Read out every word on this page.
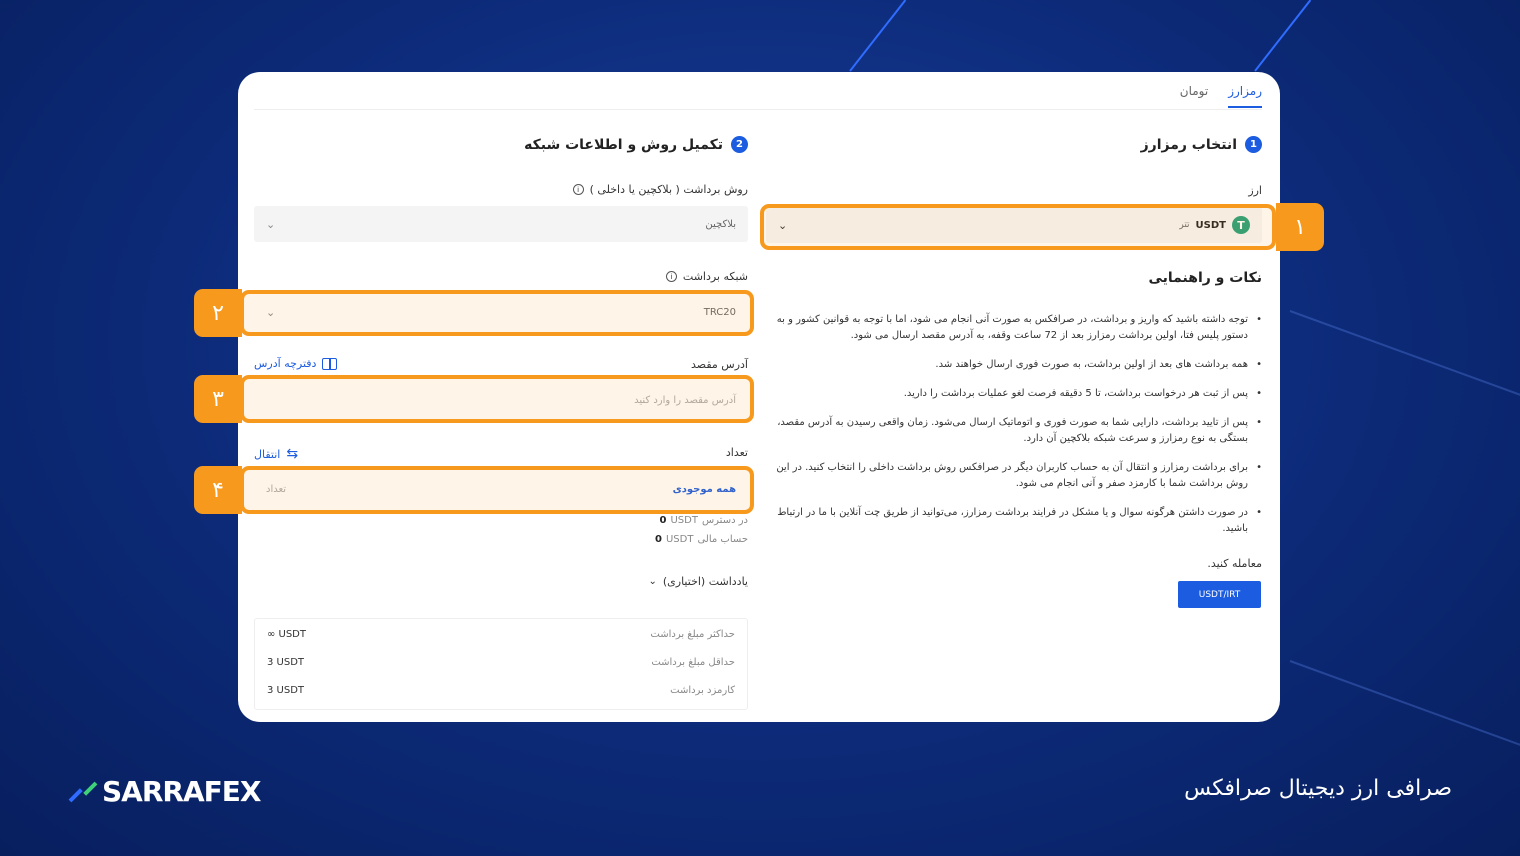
رمزارز
تومان
1
انتخاب رمزارز
ارز
T
USDT
تتر
⌄
نکات و راهنمایی
• توجه داشته باشید که واریز و برداشت، در صرافکس به صورت آنی انجام می شود، اما با توجه به قوانین کشور و به دستور پلیس فتا، اولین برداشت رمزارز بعد از 72 ساعت وقفه، به آدرس مقصد ارسال می شود.
• همه برداشت های بعد از اولین برداشت، به صورت فوری ارسال خواهند شد.
• پس از ثبت هر درخواست برداشت، تا 5 دقیقه فرصت لغو عملیات برداشت را دارید.
• پس از تایید برداشت، دارایی شما به صورت فوری و اتوماتیک ارسال می‌شود. زمان واقعی رسیدن به آدرس مقصد، بستگی به نوع رمزارز و سرعت شبکه بلاکچین آن دارد.
• برای برداشت رمزارز و انتقال آن به حساب کاربران دیگر در صرافکس روش برداشت داخلی را انتخاب کنید. در این روش برداشت شما با کارمزد صفر و آنی انجام می شود.
• در صورت داشتن هرگونه سوال و یا مشکل در فرایند برداشت رمزارز، می‌توانید از طریق چت آنلاین با ما در ارتباط باشید.
معامله کنید.
USDT/IRT
2
تکمیل روش و اطلاعات شبکه
روش برداشت ( بلاکچین یا داخلی )
i
بلاکچین
⌄
شبکه برداشت
i
TRC20
⌄
آدرس مقصد
دفترچه آدرس
آدرس مقصد را وارد کنید
تعداد
⇆
انتقال
همه موجودی
تعداد
در دسترس
USDT
0
حساب مالی
USDT
0
یادداشت (اختیاری)
⌄
حداکثر مبلغ برداشت
∞ USDT
حداقل مبلغ برداشت
3 USDT
کارمزد برداشت
3 USDT
۱
۲
۳
۴
SARRAFEX	صرافی ارز دیجیتال صرافکس
